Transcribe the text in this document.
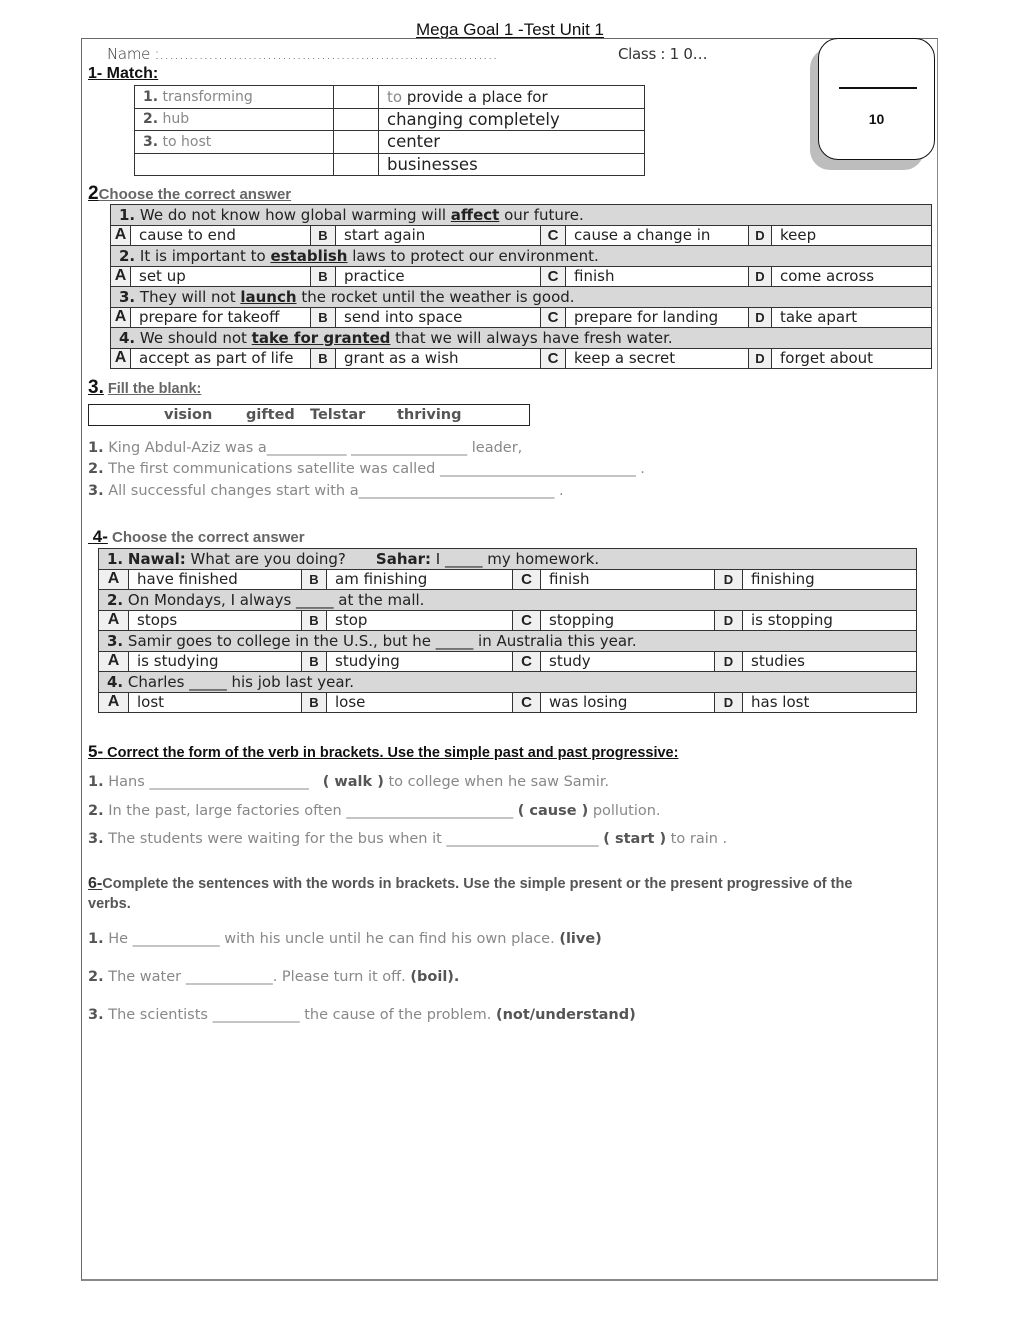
Mega Goal 1 -Test Unit 1
Name :……………………………………………………………	Class : 1 0…
10
1- Match:
1. transforming		to provide a place for
2. hub		changing completely
3. to host		center
		businesses
2Choose the correct answer
1. We do not know how global warming will affect our future.							
A	cause to end	B	start again	C	cause a change in	D	keep
2. It is important to establish laws to protect our environment.							
A	set up	B	practice	C	finish	D	come across
3. They will not launch the rocket until the weather is good.							
A	prepare for takeoff	B	send into space	C	prepare for landing	D	take apart
4. We should not take for granted that we will always have fresh water.							
A	accept as part of life	B	grant as a wish	C	keep a secret	D	forget about
3. Fill the blank:
vision gifted Telstar thriving
1. King Abdul-Aziz was a___________ ________________ leader,
2. The first communications satellite was called ___________________________ .
3. All successful changes start with a___________________________ .
4- Choose the correct answer
1. Nawal: What are you doing? Sahar: I _____ my homework.							
A	have finished	B	am finishing	C	finish	D	finishing
2. On Mondays, I always _____ at the mall.							
A	stops	B	stop	C	stopping	D	is stopping
3. Samir goes to college in the U.S., but he _____ in Australia this year.							
A	is studying	B	studying	C	study	D	studies
4. Charles _____ his job last year.							
A	lost	B	lose	C	was losing	D	has lost
5- Correct the form of the verb in brackets. Use the simple past and past progressive:
1. Hans ______________________ ( walk ) to college when he saw Samir.
2. In the past, large factories often _______________________ ( cause ) pollution.
3. The students were waiting for the bus when it _____________________ ( start ) to rain .
6-Complete the sentences with the words in brackets. Use the simple present or the present progressive of the
verbs.
1. He ____________ with his uncle until he can find his own place. (live)
2. The water ____________. Please turn it off. (boil).
3. The scientists ____________ the cause of the problem. (not/understand)
